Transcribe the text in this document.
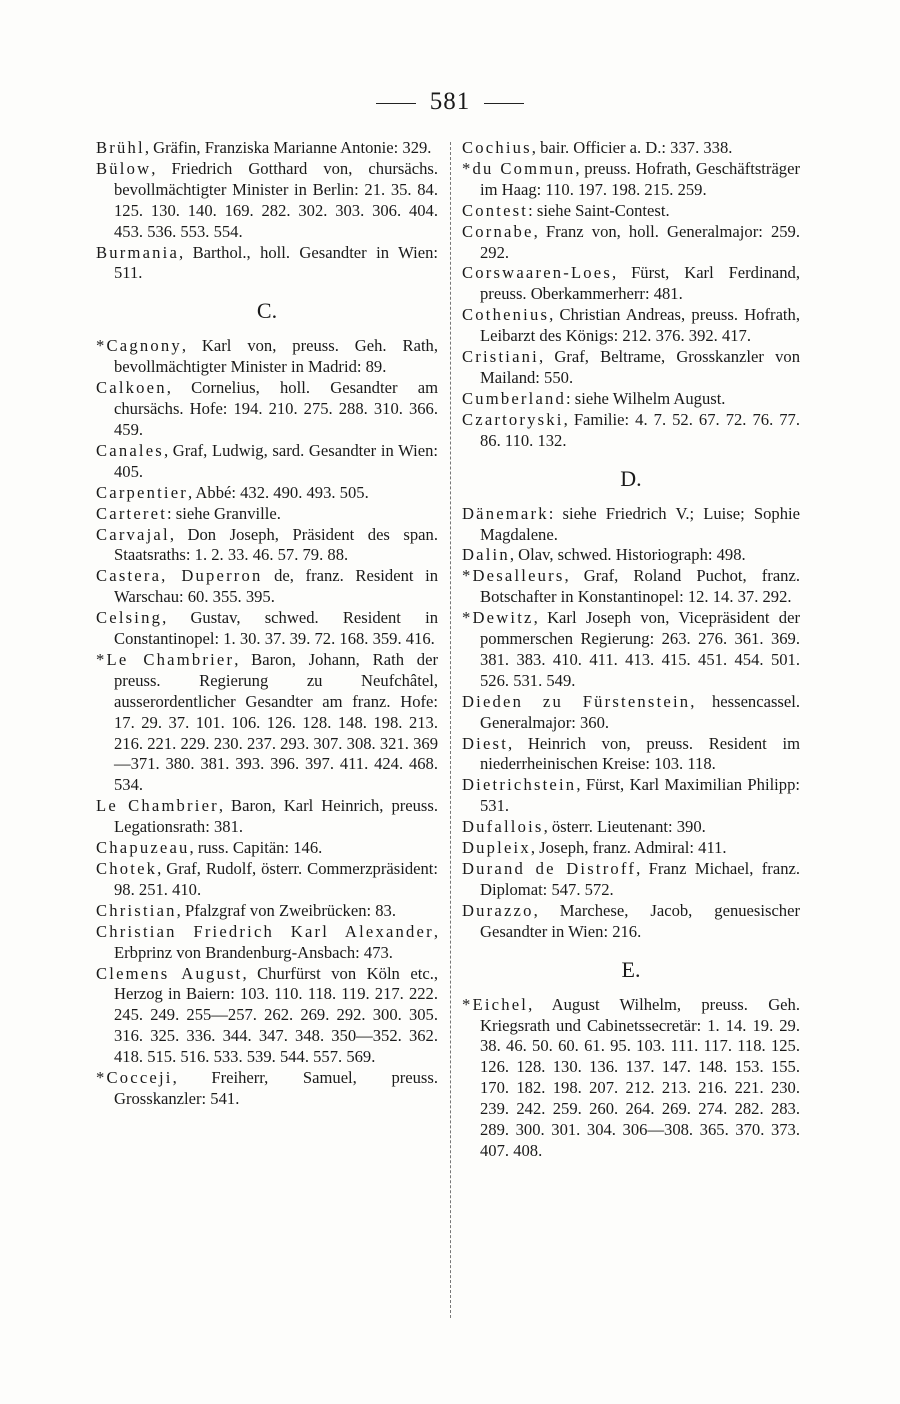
581
Brühl, Gräfin, Franziska Marianne Antonie: 329.
Bülow, Friedrich Gotthard von, chursächs. bevollmächtigter Minister in Berlin: 21. 35. 84. 125. 130. 140. 169. 282. 302. 303. 306. 404. 453. 536. 553. 554.
Burmania, Barthol., holl. Gesandter in Wien: 511.
C.
*Cagnony, Karl von, preuss. Geh. Rath, bevollmächtigter Minister in Madrid: 89.
Calkoen, Cornelius, holl. Gesandter am chursächs. Hofe: 194. 210. 275. 288. 310. 366. 459.
Canales, Graf, Ludwig, sard. Gesandter in Wien: 405.
Carpentier, Abbé: 432. 490. 493. 505.
Carteret: siehe Granville.
Carvajal, Don Joseph, Präsident des span. Staatsraths: 1. 2. 33. 46. 57. 79. 88.
Castera, Duperron de, franz. Resident in Warschau: 60. 355. 395.
Celsing, Gustav, schwed. Resident in Constantinopel: 1. 30. 37. 39. 72. 168. 359. 416.
*Le Chambrier, Baron, Johann, Rath der preuss. Regierung zu Neufchâtel, ausserordentlicher Gesandter am franz. Hofe: 17. 29. 37. 101. 106. 126. 128. 148. 198. 213. 216. 221. 229. 230. 237. 293. 307. 308. 321. 369—371. 380. 381. 393. 396. 397. 411. 424. 468. 534.
Le Chambrier, Baron, Karl Heinrich, preuss. Legationsrath: 381.
Chapuzeau, russ. Capitän: 146.
Chotek, Graf, Rudolf, österr. Commerzpräsident: 98. 251. 410.
Christian, Pfalzgraf von Zweibrücken: 83.
Christian Friedrich Karl Alexander, Erbprinz von Brandenburg-Ansbach: 473.
Clemens August, Churfürst von Köln etc., Herzog in Baiern: 103. 110. 118. 119. 217. 222. 245. 249. 255—257. 262. 269. 292. 300. 305. 316. 325. 336. 344. 347. 348. 350—352. 362. 418. 515. 516. 533. 539. 544. 557. 569.
*Cocceji, Freiherr, Samuel, preuss. Grosskanzler: 541.
Cochius, bair. Officier a. D.: 337. 338.
*du Commun, preuss. Hofrath, Geschäftsträger im Haag: 110. 197. 198. 215. 259.
Contest: siehe Saint-Contest.
Cornabe, Franz von, holl. Generalmajor: 259. 292.
Corswaaren-Loes, Fürst, Karl Ferdinand, preuss. Oberkammerherr: 481.
Cothenius, Christian Andreas, preuss. Hofrath, Leibarzt des Königs: 212. 376. 392. 417.
Cristiani, Graf, Beltrame, Grosskanzler von Mailand: 550.
Cumberland: siehe Wilhelm August.
Czartoryski, Familie: 4. 7. 52. 67. 72. 76. 77. 86. 110. 132.
D.
Dänemark: siehe Friedrich V.; Luise; Sophie Magdalene.
Dalin, Olav, schwed. Historiograph: 498.
*Desalleurs, Graf, Roland Puchot, franz. Botschafter in Konstantinopel: 12. 14. 37. 292.
*Dewitz, Karl Joseph von, Vicepräsident der pommerschen Regierung: 263. 276. 361. 369. 381. 383. 410. 411. 413. 415. 451. 454. 501. 526. 531. 549.
Dieden zu Fürstenstein, hessencassel. Generalmajor: 360.
Diest, Heinrich von, preuss. Resident im niederrheinischen Kreise: 103. 118.
Dietrichstein, Fürst, Karl Maximilian Philipp: 531.
Dufallois, österr. Lieutenant: 390.
Dupleix, Joseph, franz. Admiral: 411.
Durand de Distroff, Franz Michael, franz. Diplomat: 547. 572.
Durazzo, Marchese, Jacob, genuesischer Gesandter in Wien: 216.
E.
*Eichel, August Wilhelm, preuss. Geh. Kriegsrath und Cabinetssecretär: 1. 14. 19. 29. 38. 46. 50. 60. 61. 95. 103. 111. 117. 118. 125. 126. 128. 130. 136. 137. 147. 148. 153. 155. 170. 182. 198. 207. 212. 213. 216. 221. 230. 239. 242. 259. 260. 264. 269. 274. 282. 283. 289. 300. 301. 304. 306—308. 365. 370. 373. 407. 408.
